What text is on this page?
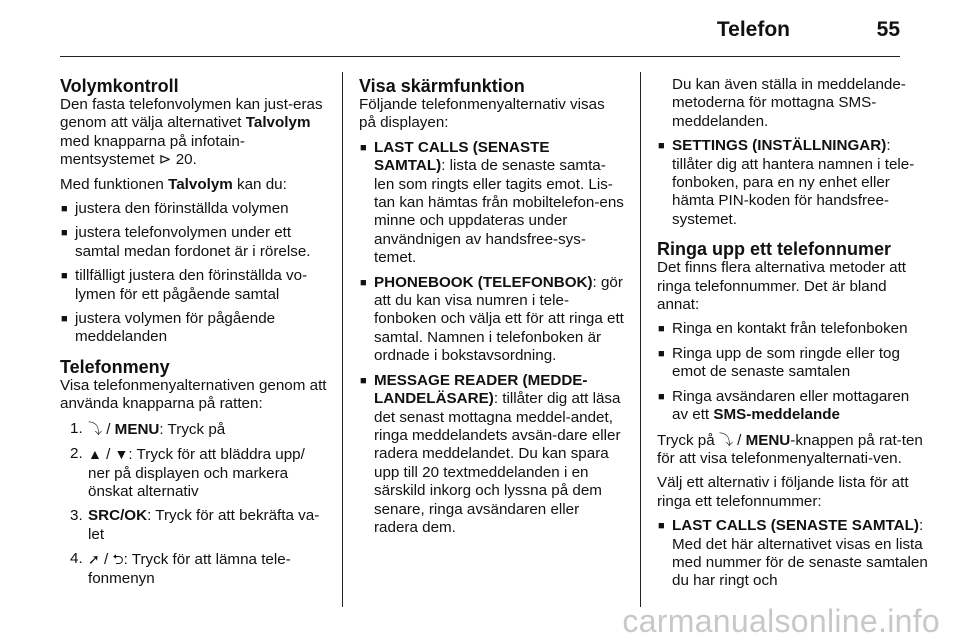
Telefon	55
Volymkontroll

Den fasta telefonvolymen kan just-eras genom att välja alternativet Talvolym med knapparna på infotain-mentsystemet ⊳ 20.

Med funktionen Talvolym kan du:

■ justera den förinställda volymen
■ justera telefonvolymen under ett samtal medan fordonet är i rörelse.
■ tillfälligt justera den förinställda vo-lymen för ett pågående samtal
■ justera volymen för pågående meddelanden
Telefonmeny

Visa telefonmenyalternativen genom att använda knapparna på ratten:

1. ⤵ / MENU: Tryck på
2. ▲ / ▼: Tryck för att bläddra upp/ ner på displayen och markera önskat alternativ
3. SRC/OK: Tryck för att bekräfta va-let
4. ➚ / ⮌: Tryck för att lämna tele-fonmenyn
Visa skärmfunktion

Följande telefonmenyalternativ visas på displayen:

■ LAST CALLS (SENASTE SAMTAL): lista de senaste samta-len som ringts eller tagits emot. Lis-tan kan hämtas från mobiltelefon-ens minne och uppdateras under användnigen av handsfree-sys-temet.
■ PHONEBOOK (TELEFONBOK): gör att du kan visa numren i tele-fonboken och välja ett för att ringa ett samtal. Namnen i telefonboken är ordnade i bokstavsordning.
■ MESSAGE READER (MEDDE-LANDELÄSARE): tillåter dig att läsa det senast mottagna meddel-andet, ringa meddelandets avsän-dare eller radera meddelandet. Du kan spara upp till 20 textmeddelanden i en särskild inkorg och lyssna på dem senare, ringa avsändaren eller radera dem.

Du kan även ställa in meddelande-metoderna för mottagna SMS-meddelanden.

■ SETTINGS (INSTÄLLNINGAR): tillåter dig att hantera namnen i tele-fonboken, para en ny enhet eller hämta PIN-koden för handsfree-systemet.
Ringa upp ett telefonnumer

Det finns flera alternativa metoder att ringa telefonnummer. Det är bland annat:

■ Ringa en kontakt från telefonboken
■ Ringa upp de som ringde eller tog emot de senaste samtalen
■ Ringa avsändaren eller mottagaren av ett SMS-meddelande

Tryck på ⤵ / MENU-knappen på rat-ten för att visa telefonmenyalternati-ven.

Välj ett alternativ i följande lista för att ringa ett telefonnummer:

■ LAST CALLS (SENASTE SAMTAL): Med det här alternativet visas en lista med nummer för de senaste samtalen du har ringt och
carmanualsonline.info
